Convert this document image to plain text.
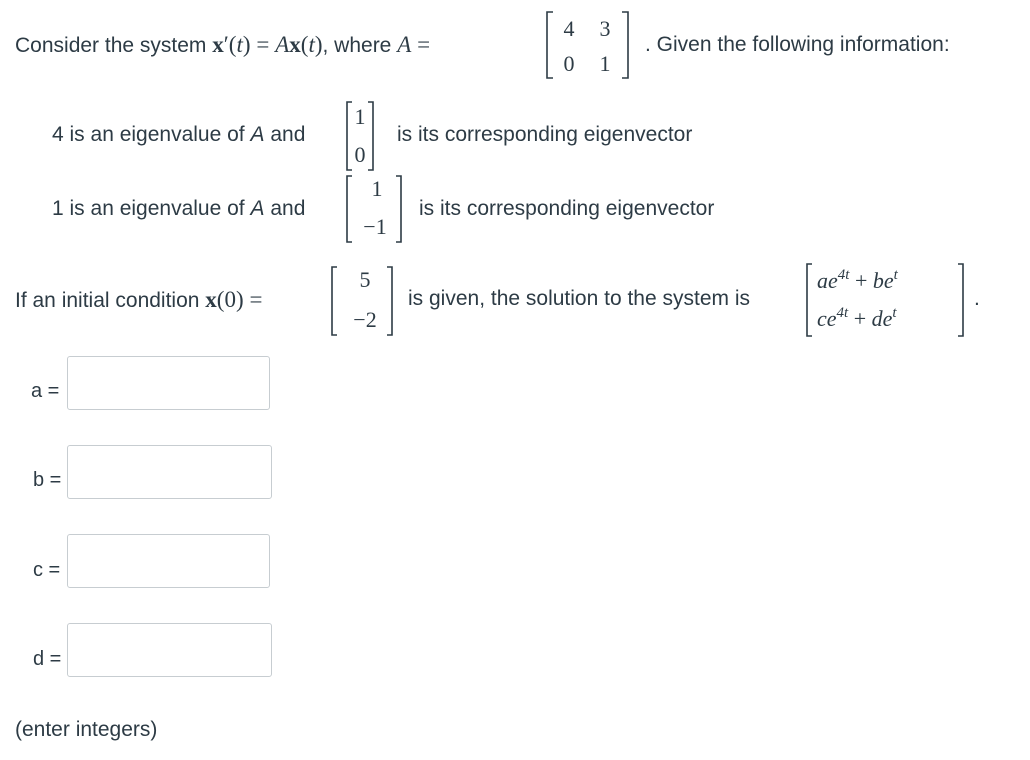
Consider the system x′(t) = Ax(t), where A =
4 3
0 1
. Given the following information:
4 is an eigenvalue of A and
1
0
is its corresponding eigenvector
1 is an eigenvalue of A and
1
−1
is its corresponding eigenvector
If an initial condition x(0) =
5
−2
is given, the solution to the system is
$ae^{4t} + be^t$
$ce^{4t} + de^t$
.
a =
b =
c =
d =
(enter integers)
